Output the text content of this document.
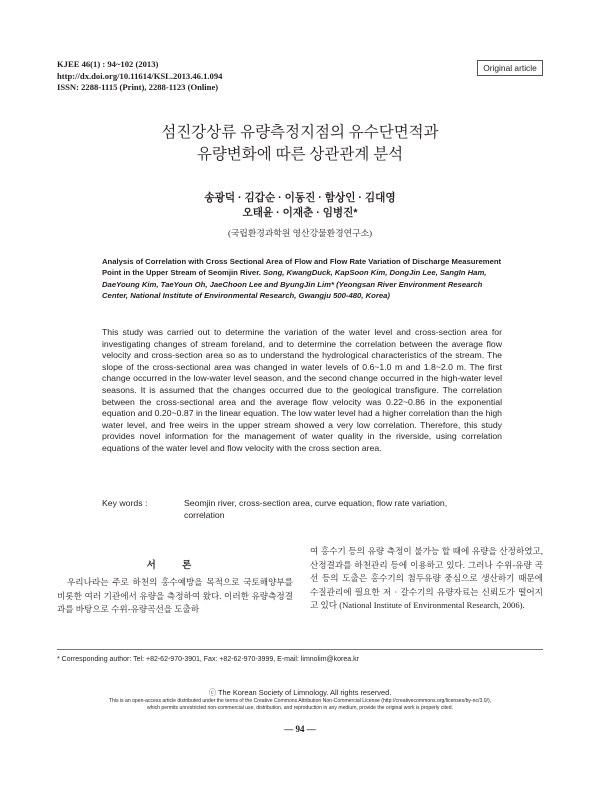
KJEE 46(1) : 94~102 (2013)
http://dx.doi.org/10.11614/KSL.2013.46.1.094
ISSN: 2288-1115 (Print), 2288-1123 (Online)
Original article
섬진강상류 유량측정지점의 유수단면적과
유량변화에 따른 상관관계 분석
송광덕 · 김갑순 · 이동진 · 함상인 · 김대영
오태윤 · 이재춘 · 임병진*
(국립환경과학원 영산강물환경연구소)
Analysis of Correlation with Cross Sectional Area of Flow and Flow Rate Variation of Discharge Measurement Point in the Upper Stream of Seomjin River. Song, KwangDuck, KapSoon Kim, DongJin Lee, SangIn Ham, DaeYoung Kim, TaeYoun Oh, JaeChoon Lee and ByungJin Lim* (Yeongsan River Environment Research Center, National Institute of Environmental Research, Gwangju 500-480, Korea)
This study was carried out to determine the variation of the water level and cross-section area for investigating changes of stream foreland, and to determine the correlation between the average flow velocity and cross-section area so as to understand the hydrological characteristics of the stream. The slope of the cross-sectional area was changed in water levels of 0.6~1.0 m and 1.8~2.0 m. The first change occurred in the low-water level season, and the second change occurred in the high-water level seasons. It is assumed that the changes occurred due to the geological transfigure. The correlation between the cross-sectional area and the average flow velocity was 0.22~0.86 in the exponential equation and 0.20~0.87 in the linear equation. The low water level had a higher correlation than the high water level, and free weirs in the upper stream showed a very low correlation. Therefore, this study provides novel information for the management of water quality in the riverside, using correlation equations of the water level and flow velocity with the cross section area.
Key words :	Seomjin river, cross-section area, curve equation, flow rate variation,
correlation
서 론
우리나라는 주로 하천의 홍수예방을 목적으로 국토해양부를 비롯한 여러 기관에서 유량을 측정하여 왔다. 이러한 유량측정결과를 바탕으로 수위-유량곡선을 도출하
여 홍수기 등의 유량 측정이 불가능 할 때에 유량을 산정하였고, 산정결과를 하천관리 등에 이용하고 있다. 그러나 수위-유량 곡선 등의 도출은 홍수기의 첨두유량 중심으로 생산하기 때문에 수질관리에 필요한 저 · 갈수기의 유량자료는 신뢰도가 떨어지고 있다 (National Institute of Environmental Research, 2006).
* Corresponding author: Tel: +82-62-970-3901, Fax: +82-62-970-3999, E-mail: limnolim@korea.kr
ⓒ The Korean Society of Limnology. All rights reserved.
This is an open-access article distributed under the terms of the Creative Commons Attribution Non-Commercial License (http://creativecommons.org/licenses/by-nc/3.0/),
which permits unrestricted non-commercial use, distribution, and reproduction in any medium, provide the original work is properly cited.
— 94 —
